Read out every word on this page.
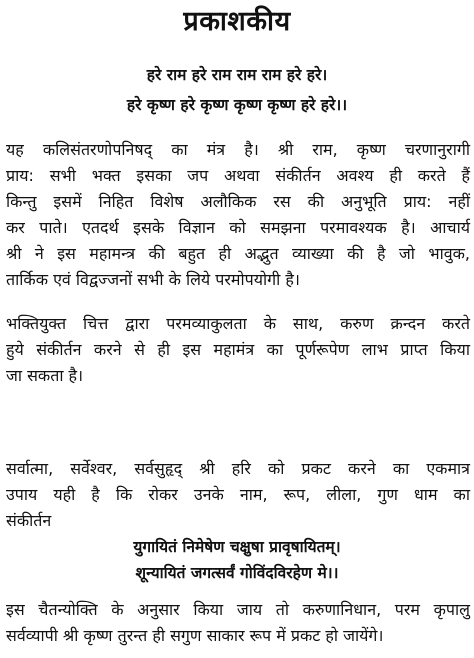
प्रकाशकीय
हरे राम हरे राम राम राम हरे हरे।
हरे कृष्ण हरे कृष्ण कृष्ण कृष्ण हरे हरे।।
यह कलिसंतरणोपनिषद् का मंत्र है। श्री राम, कृष्ण चरणानुरागी
प्राय: सभी भक्त इसका जप अथवा संकीर्तन अवश्य ही करते हैं
किन्तु इसमें निहित विशेष अलौकिक रस की अनुभूति प्राय: नहीं
कर पाते। एतदर्थ इसके विज्ञान को समझना परमावश्यक है। आचार्य
श्री ने इस महामन्त्र की बहुत ही अद्भुत व्याख्या की है जो भावुक,
तार्किक एवं विद्वज्जनों सभी के लिये परमोपयोगी है।
भक्तियुक्त चित्त द्वारा परमव्याकुलता के साथ, करुण क्रन्दन करते
हुये संकीर्तन करने से ही इस महामंत्र का पूर्णरूपेण लाभ प्राप्त किया
जा सकता है।
सर्वात्मा, सर्वेश्वर, सर्वसुहृद् श्री हरि को प्रकट करने का एकमात्र
उपाय यही है कि रोकर उनके नाम, रूप, लीला, गुण धाम का
संकीर्तन
युगायितं निमेषेण चक्षुषा प्रावृषायितम्।
शून्यायितं जगत्सर्वं गोविंदविरहेण मे।।
इस चैतन्योक्ति के अनुसार किया जाय तो करुणानिधान, परम कृपालु
सर्वव्यापी श्री कृष्ण तुरन्त ही सगुण साकार रूप में प्रकट हो जायेंगे।
